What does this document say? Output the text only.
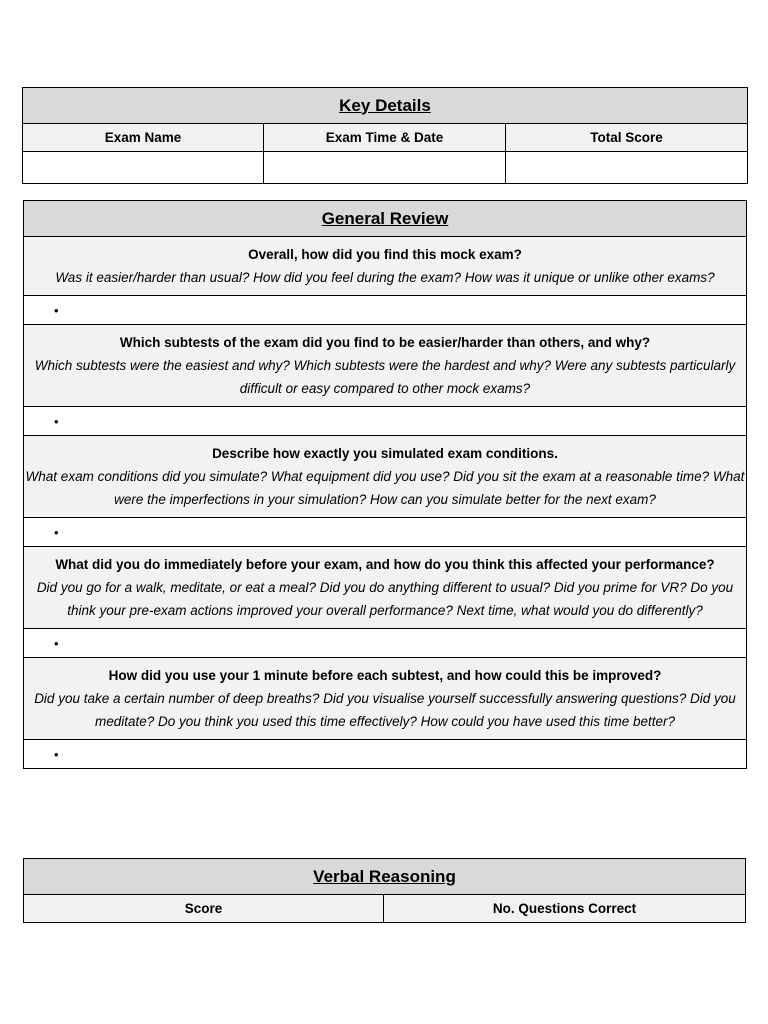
Key Details		
Exam Name	Exam Time & Date	Total Score

General Review

Overall, how did you find this mock exam?
Was it easier/harder than usual? How did you feel during the exam? How was it unique or unlike other exams?

•

Which subtests of the exam did you find to be easier/harder than others, and why?
Which subtests were the easiest and why? Which subtests were the hardest and why? Were any subtests particularly difficult or easy compared to other mock exams?

•

Describe how exactly you simulated exam conditions.
What exam conditions did you simulate? What equipment did you use? Did you sit the exam at a reasonable time? What were the imperfections in your simulation? How can you simulate better for the next exam?

•

What did you do immediately before your exam, and how do you think this affected your performance?
Did you go for a walk, meditate, or eat a meal? Did you do anything different to usual? Did you prime for VR? Do you think your pre-exam actions improved your overall performance? Next time, what would you do differently?

•

How did you use your 1 minute before each subtest, and how could this be improved?
Did you take a certain number of deep breaths? Did you visualise yourself successfully answering questions? Did you meditate? Do you think you used this time effectively? How could you have used this time better?

•
Verbal Reasoning
Score	No. Questions Correct
